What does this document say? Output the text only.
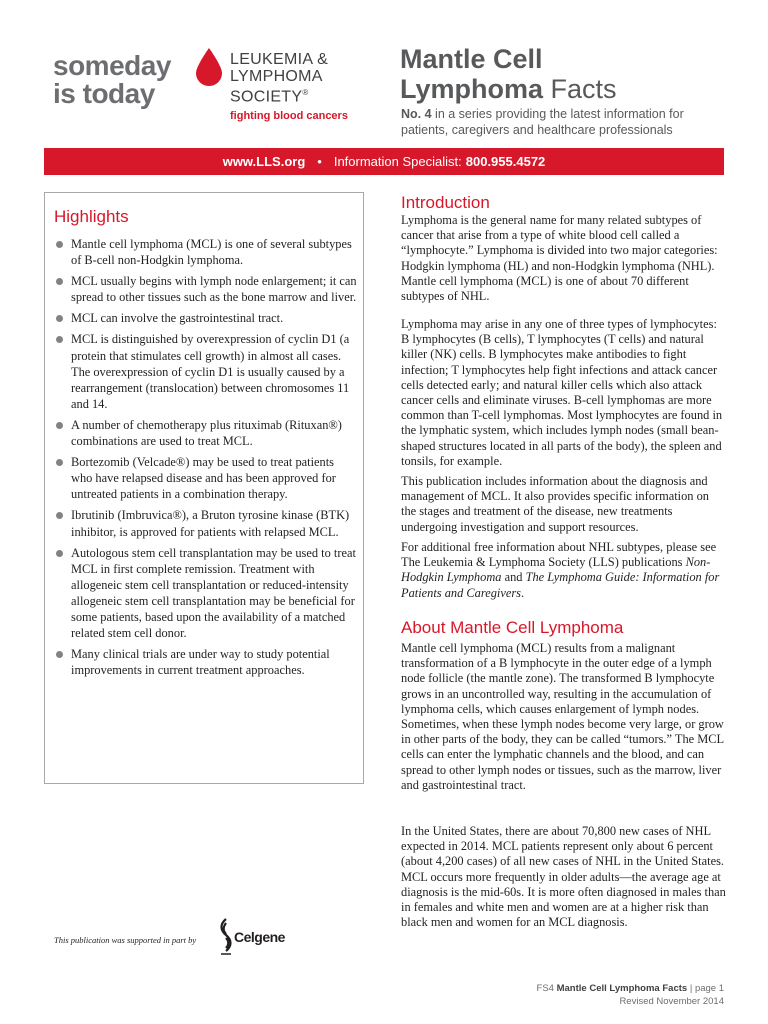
someday
is today
LEUKEMIA &
LYMPHOMA
SOCIETY®
fighting blood cancers
Mantle Cell
Lymphoma Facts
No. 4 in a series providing the latest information for patients, caregivers and healthcare professionals
www.LLS.org • Information Specialist: 800.955.4572
Highlights
Mantle cell lymphoma (MCL) is one of several subtypes of B-cell non-Hodgkin lymphoma.
MCL usually begins with lymph node enlargement; it can spread to other tissues such as the bone marrow and liver.
MCL can involve the gastrointestinal tract.
MCL is distinguished by overexpression of cyclin D1 (a protein that stimulates cell growth) in almost all cases. The overexpression of cyclin D1 is usually caused by a rearrangement (translocation) between chromosomes 11 and 14.
A number of chemotherapy plus rituximab (Rituxan®) combinations are used to treat MCL.
Bortezomib (Velcade®) may be used to treat patients who have relapsed disease and has been approved for untreated patients in a combination therapy.
Ibrutinib (Imbruvica®), a Bruton tyrosine kinase (BTK) inhibitor, is approved for patients with relapsed MCL.
Autologous stem cell transplantation may be used to treat MCL in first complete remission. Treatment with allogeneic stem cell transplantation or reduced-intensity allogeneic stem cell transplantation may be beneficial for some patients, based upon the availability of a matched related stem cell donor.
Many clinical trials are under way to study potential improvements in current treatment approaches.
This publication was supported in part by	Celgene
Introduction
Lymphoma is the general name for many related subtypes of cancer that arise from a type of white blood cell called a “lymphocyte.” Lymphoma is divided into two major categories: Hodgkin lymphoma (HL) and non-Hodgkin lymphoma (NHL). Mantle cell lymphoma (MCL) is one of about 70 different subtypes of NHL.
Lymphoma may arise in any one of three types of lymphocytes: B lymphocytes (B cells), T lymphocytes (T cells) and natural killer (NK) cells. B lymphocytes make antibodies to fight infection; T lymphocytes help fight infections and attack cancer cells detected early; and natural killer cells which also attack cancer cells and eliminate viruses. B-cell lymphomas are more common than T-cell lymphomas. Most lymphocytes are found in the lymphatic system, which includes lymph nodes (small bean-shaped structures located in all parts of the body), the spleen and tonsils, for example.
This publication includes information about the diagnosis and management of MCL. It also provides specific information on the stages and treatment of the disease, new treatments undergoing investigation and support resources.
For additional free information about NHL subtypes, please see The Leukemia & Lymphoma Society (LLS) publications Non-Hodgkin Lymphoma and The Lymphoma Guide: Information for Patients and Caregivers.
About Mantle Cell Lymphoma
Mantle cell lymphoma (MCL) results from a malignant transformation of a B lymphocyte in the outer edge of a lymph node follicle (the mantle zone). The transformed B lymphocyte grows in an uncontrolled way, resulting in the accumulation of lymphoma cells, which causes enlargement of lymph nodes. Sometimes, when these lymph nodes become very large, or grow in other parts of the body, they can be called “tumors.” The MCL cells can enter the lymphatic channels and the blood, and can spread to other lymph nodes or tissues, such as the marrow, liver and gastrointestinal tract.
In the United States, there are about 70,800 new cases of NHL expected in 2014. MCL patients represent only about 6 percent (about 4,200 cases) of all new cases of NHL in the United States. MCL occurs more frequently in older adults—the average age at diagnosis is the mid-60s. It is more often diagnosed in males than in females and white men and women are at a higher risk than black men and women for an MCL diagnosis.
FS4 Mantle Cell Lymphoma Facts | page 1
Revised November 2014
